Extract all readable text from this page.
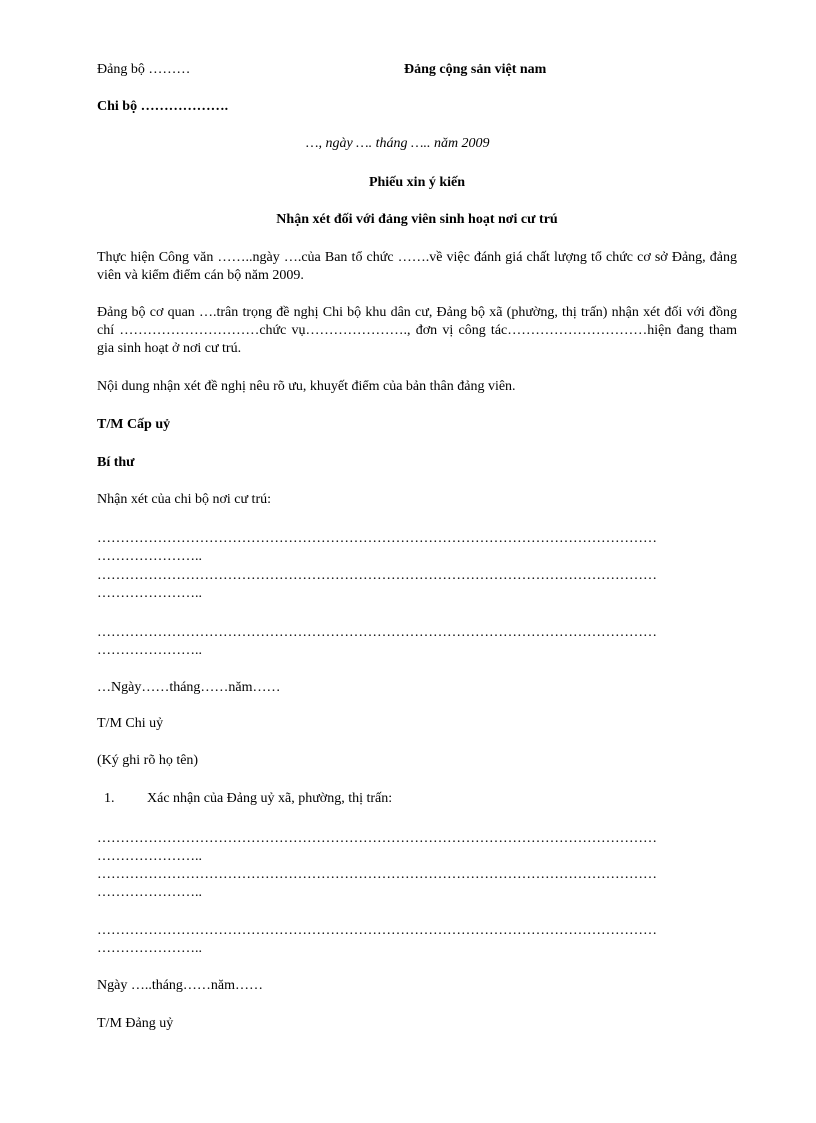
Đảng bộ ………	Đảng cộng sản việt nam
Chi bộ ……………….
…, ngày …. tháng ….. năm 2009
Phiếu xin ý kiến
Nhận xét đối với đảng viên sinh hoạt nơi cư trú
Thực hiện Công văn ……..ngày ….của Ban tổ chức …….về việc đánh giá chất lượng tổ chức cơ sở Đảng, đảng viên và kiểm điểm cán bộ năm 2009.
Đảng bộ cơ quan ….trân trọng đề nghị Chi bộ khu dân cư, Đảng bộ xã (phường, thị trấn) nhận xét đối với đồng chí …………………………chức vụ…………………., đơn vị công tác…………………………hiện đang tham gia sinh hoạt ở nơi cư trú.
Nội dung nhận xét đề nghị nêu rõ ưu, khuyết điểm của bản thân đảng viên.
T/M Cấp uỷ
Bí thư
Nhận xét của chi bộ nơi cư trú:
…………………………………………………………………………………………………………
…………………..
…………………………………………………………………………………………………………
…………………..
…………………………………………………………………………………………………………
…………………..
…Ngày……tháng……năm……
T/M Chi uỷ
(Ký ghi rõ họ tên)
1. Xác nhận của Đảng uỷ xã, phường, thị trấn:
…………………………………………………………………………………………………………
…………………..
…………………………………………………………………………………………………………
…………………..
…………………………………………………………………………………………………………
…………………..
Ngày …..tháng……năm……
T/M Đảng uỷ
